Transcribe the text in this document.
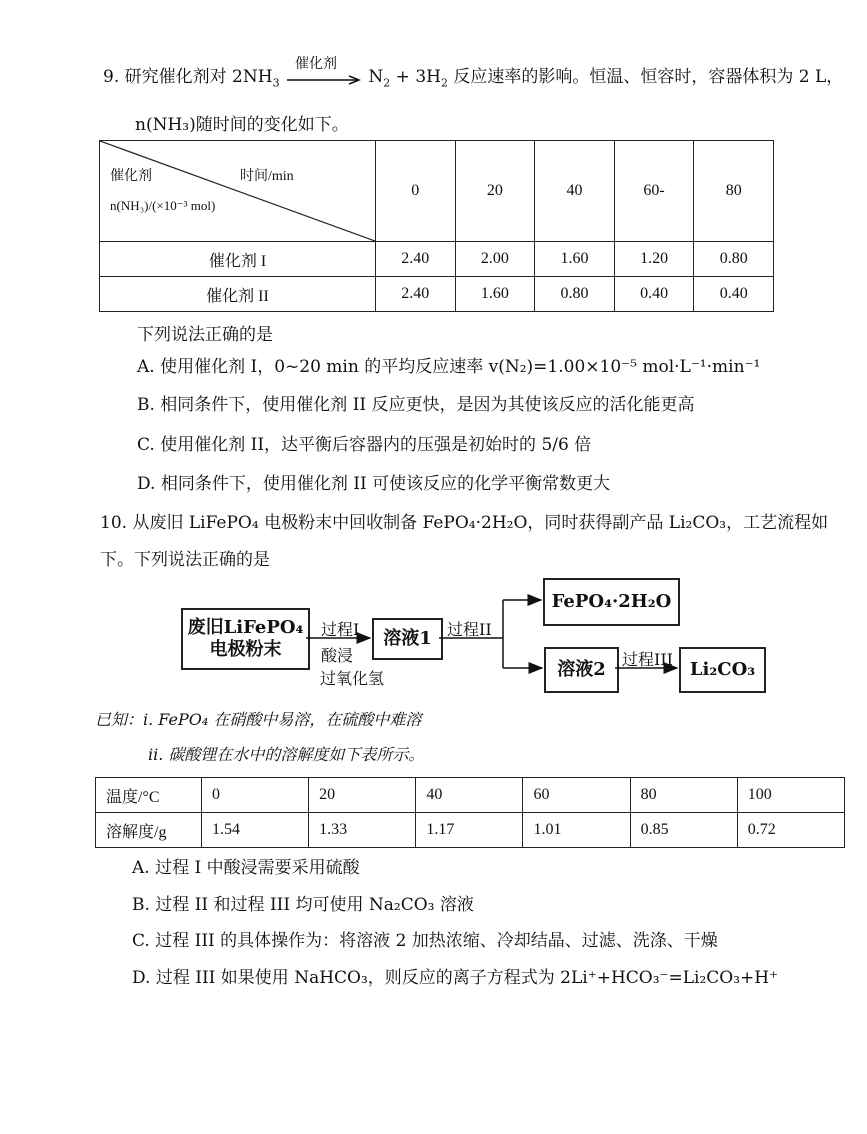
9. 研究催化剂对 $2NH_3$
催化剂
$N_2 + 3H_2$ 反应速率的影响。恒温、恒容时，容器体积为 2 L，
n(NH₃)随时间的变化如下。
催化剂 时间/min
n(NH₃)/(×10⁻³ mol)	0	20	40	60-	80
催化剂 I	2.40	2.00	1.60	1.20	0.80
催化剂 II	2.40	1.60	0.80	0.40	0.40
下列说法正确的是
A. 使用催化剂 I，0~20 min 的平均反应速率 v(N₂)=1.00×10⁻⁵ mol·L⁻¹·min⁻¹
B. 相同条件下，使用催化剂 II 反应更快，是因为其使该反应的活化能更高
C. 使用催化剂 II，达平衡后容器内的压强是初始时的 5/6 倍
D. 相同条件下，使用催化剂 II 可使该反应的化学平衡常数更大
10. 从废旧 LiFePO₄ 电极粉末中回收制备 FePO₄·2H₂O，同时获得副产品 Li₂CO₃，工艺流程如
下。下列说法正确的是
废旧LiFePO₄
电极粉末
过程I
酸浸
过氧化氢
溶液1 过程II
FePO₄·2H₂O
溶液2	过程III Li₂CO₃
已知：i. FePO₄ 在硝酸中易溶，在硫酸中难溶
ii. 碳酸锂在水中的溶解度如下表所示。
温度/°C	0	20	40	60	80	100
溶解度/g	1.54	1.33	1.17	1.01	0.85	0.72
A. 过程 I 中酸浸需要采用硫酸
B. 过程 II 和过程 III 均可使用 Na₂CO₃ 溶液
C. 过程 III 的具体操作为：将溶液 2 加热浓缩、冷却结晶、过滤、洗涤、干燥
D. 过程 III 如果使用 NaHCO₃，则反应的离子方程式为 2Li⁺+HCO₃⁻=Li₂CO₃+H⁺
